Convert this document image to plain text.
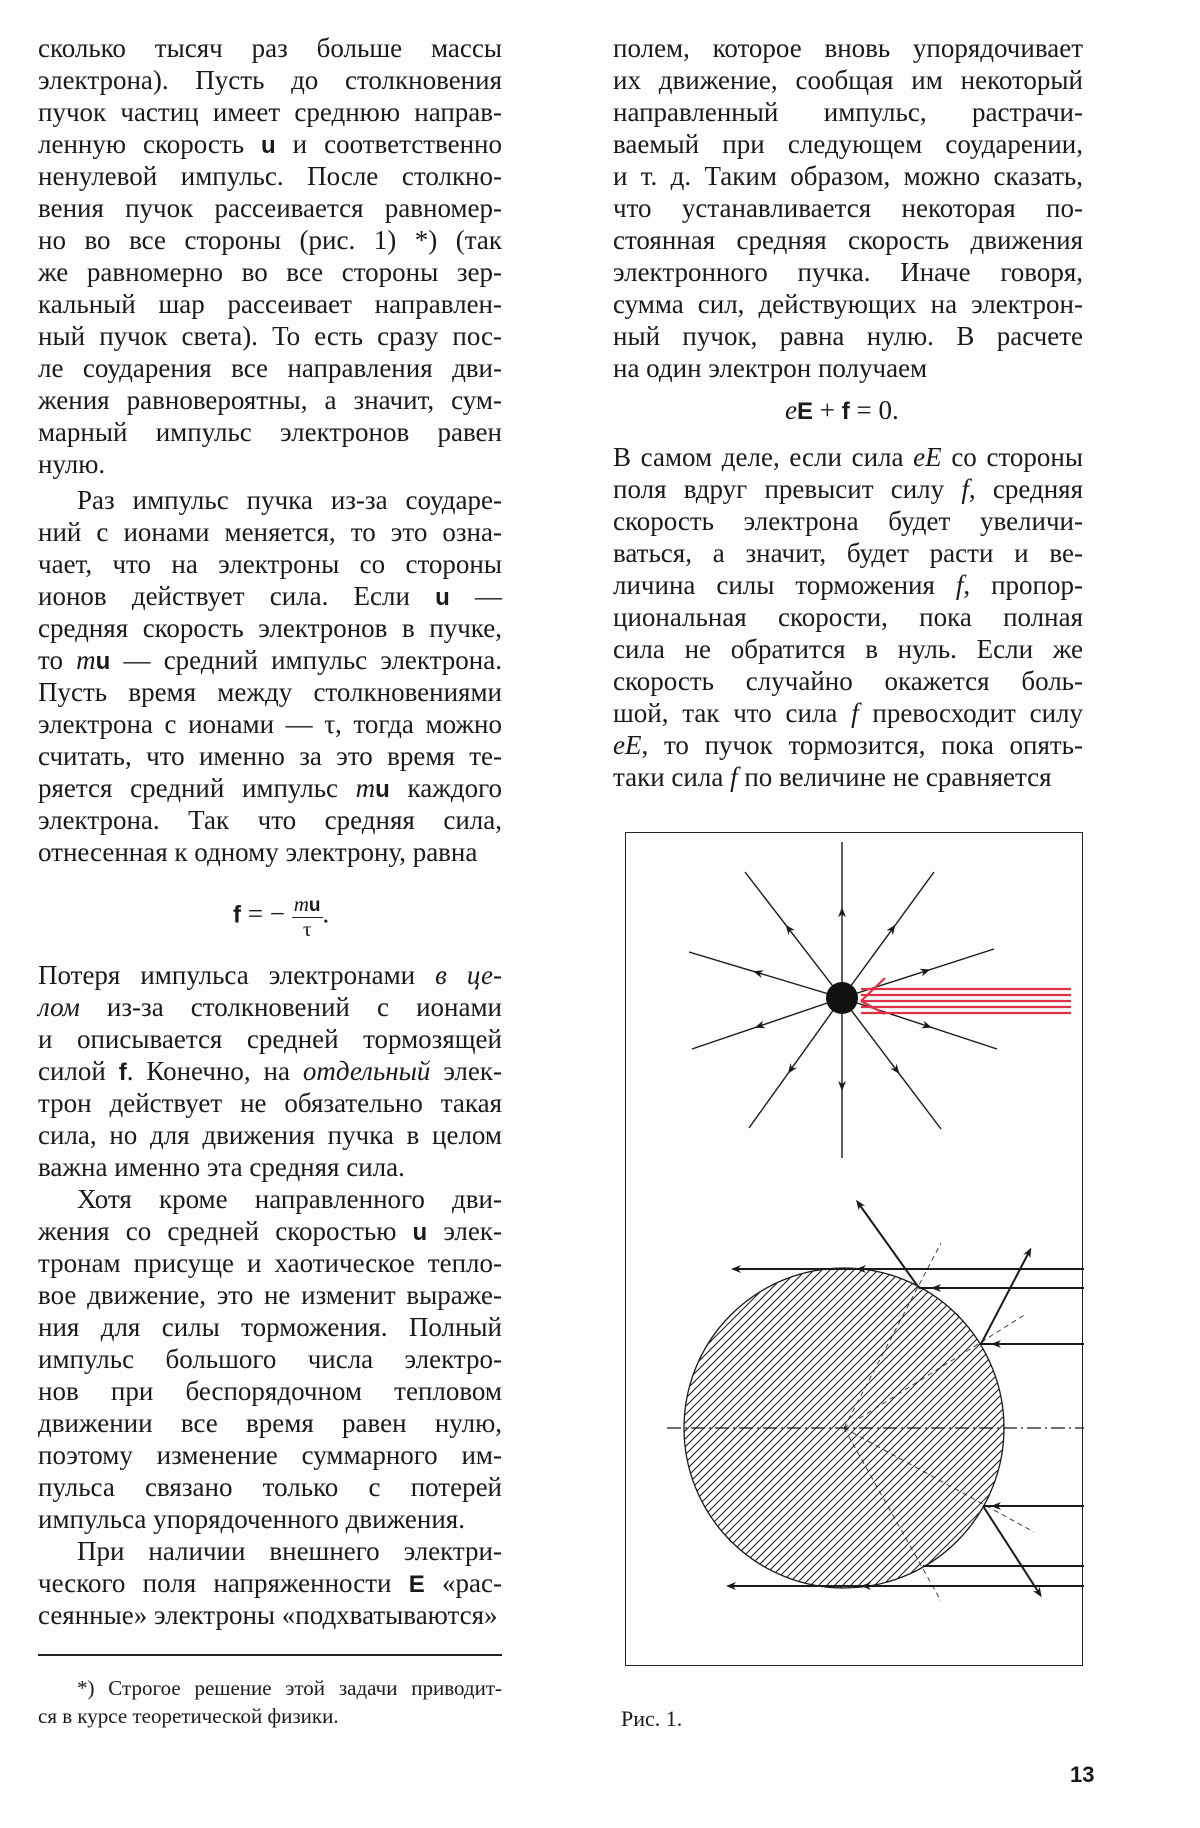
сколько тысяч раз больше массы
электрона). Пусть до столкновения
пучок частиц имеет среднюю направ-
ленную скорость u и соответственно
ненулевой импульс. После столкно-
вения пучок рассеивается равномер-
но во все стороны (рис. 1) *) (так
же равномерно во все стороны зер-
кальный шар рассеивает направлен-
ный пучок света). То есть сразу пос-
ле соударения все направления дви-
жения равновероятны, а значит, сум-
марный импульс электронов равен
нулю.
Раз импульс пучка из-за соударе-
ний с ионами меняется, то это озна-
чает, что на электроны со стороны
ионов действует сила. Если u —
средняя скорость электронов в пучке,
то mu — средний импульс электрона.
Пусть время между столкновениями
электрона с ионами — τ, тогда можно
считать, что именно за это время те-
ряется средний импульс mu каждого
электрона. Так что средняя сила,
отнесенная к одному электрону, равна
f = − $\frac{mu}{\tau}$ .
Потеря импульса электронами в це-
лом из-за столкновений с ионами
и описывается средней тормозящей
силой f. Конечно, на отдельный элек-
трон действует не обязательно такая
сила, но для движения пучка в целом
важна именно эта средняя сила.
Хотя кроме направленного дви-
жения со средней скоростью u элек-
тронам присуще и хаотическое тепло-
вое движение, это не изменит выраже-
ния для силы торможения. Полный
импульс большого числа электро-
нов при беспорядочном тепловом
движении все время равен нулю,
поэтому изменение суммарного им-
пульса связано только с потерей
импульса упорядоченного движения.
При наличии внешнего электри-
ческого поля напряженности E «рас-
сеянные» электроны «подхватываются»
полем, которое вновь упорядочивает
их движение, сообщая им некоторый
направленный импульс, растрачи-
ваемый при следующем соударении,
и т. д. Таким образом, можно сказать,
что устанавливается некоторая по-
стоянная средняя скорость движения
электронного пучка. Иначе говоря,
сумма сил, действующих на электрон-
ный пучок, равна нулю. В расчете
на один электрон получаем
eE + f = 0.
В самом деле, если сила eE со стороны
поля вдруг превысит силу f, средняя
скорость электрона будет увеличи-
ваться, а значит, будет расти и ве-
личина силы торможения f, пропор-
циональная скорости, пока полная
сила не обратится в нуль. Если же
скорость случайно окажется боль-
шой, так что сила f превосходит силу
eE, то пучок тормозится, пока опять-
таки сила f по величине не сравняется
*) Строгое решение этой задачи приводит-
ся в курсе теоретической физики.	Рис. 1.
13
